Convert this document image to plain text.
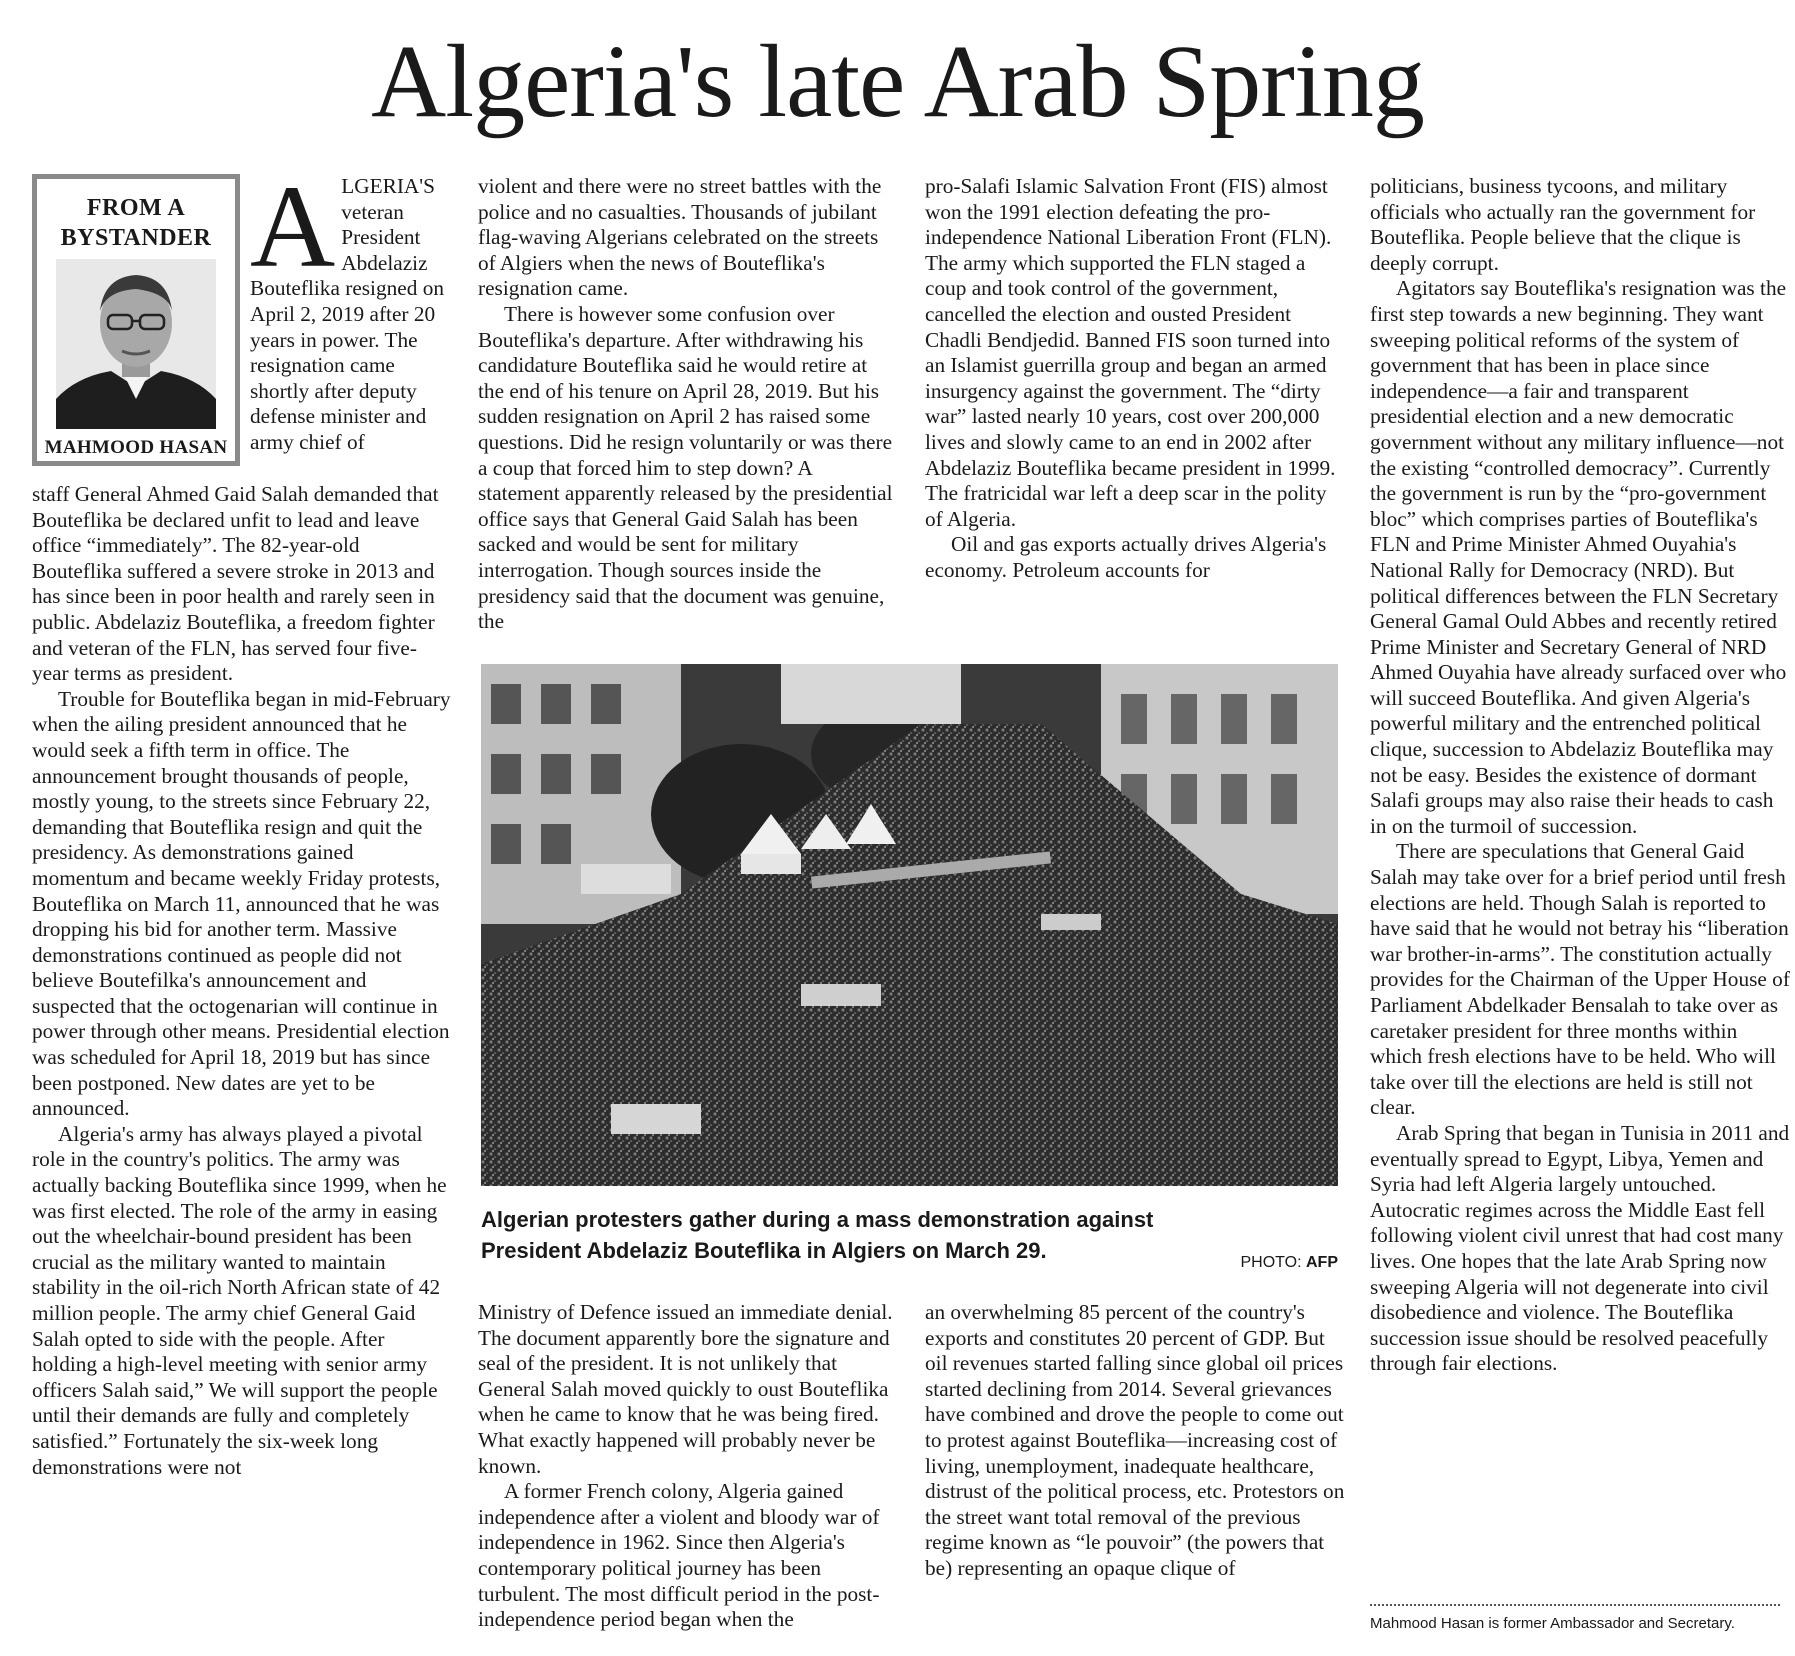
Algeria's late Arab Spring
FROM A
BYSTANDER
MAHMOOD HASAN
A LGERIA'S veteran President Abdelaziz Bouteflika resigned on April 2, 2019 after 20 years in power. The resignation came shortly after deputy defense minister and army chief of

staff General Ahmed Gaid Salah demanded that Bouteflika be declared unfit to lead and leave office “immediately”. The 82-year-old Bouteflika suffered a severe stroke in 2013 and has since been in poor health and rarely seen in public. Abdelaziz Bouteflika, a freedom fighter and veteran of the FLN, has served four five-year terms as president.

Trouble for Bouteflika began in mid-February when the ailing president announced that he would seek a fifth term in office. The announcement brought thousands of people, mostly young, to the streets since February 22, demanding that Bouteflika resign and quit the presidency. As demonstrations gained momentum and became weekly Friday protests, Bouteflika on March 11, announced that he was dropping his bid for another term. Massive demonstrations continued as people did not believe Boutefilka's announcement and suspected that the octogenarian will continue in power through other means. Presidential election was scheduled for April 18, 2019 but has since been postponed. New dates are yet to be announced.

Algeria's army has always played a pivotal role in the country's politics. The army was actually backing Bouteflika since 1999, when he was first elected. The role of the army in easing out the wheelchair-bound president has been crucial as the military wanted to maintain stability in the oil-rich North African state of 42 million people. The army chief General Gaid Salah opted to side with the people. After holding a high-level meeting with senior army officers Salah said,” We will support the people until their demands are fully and completely satisfied.” Fortunately the six-week long demonstrations were not

violent and there were no street battles with the police and no casualties. Thousands of jubilant flag-waving Algerians celebrated on the streets of Algiers when the news of Bouteflika's resignation came.

There is however some confusion over Bouteflika's departure. After withdrawing his candidature Bouteflika said he would retire at the end of his tenure on April 28, 2019. But his sudden resignation on April 2 has raised some questions. Did he resign voluntarily or was there a coup that forced him to step down? A statement apparently released by the presidential office says that General Gaid Salah has been sacked and would be sent for military interrogation. Though sources inside the presidency said that the document was genuine, the

Ministry of Defence issued an immediate denial. The document apparently bore the signature and seal of the president. It is not unlikely that General Salah moved quickly to oust Bouteflika when he came to know that he was being fired. What exactly happened will probably never be known.

A former French colony, Algeria gained independence after a violent and bloody war of independence in 1962. Since then Algeria's contemporary political journey has been turbulent. The most difficult period in the post-independence period began when the

pro-Salafi Islamic Salvation Front (FIS) almost won the 1991 election defeating the pro-independence National Liberation Front (FLN). The army which supported the FLN staged a coup and took control of the government, cancelled the election and ousted President Chadli Bendjedid. Banned FIS soon turned into an Islamist guerrilla group and began an armed insurgency against the government. The “dirty war” lasted nearly 10 years, cost over 200,000 lives and slowly came to an end in 2002 after Abdelaziz Bouteflika became president in 1999. The fratricidal war left a deep scar in the polity of Algeria.

Oil and gas exports actually drives Algeria's economy. Petroleum accounts for

an overwhelming 85 percent of the country's exports and constitutes 20 percent of GDP. But oil revenues started falling since global oil prices started declining from 2014. Several grievances have combined and drove the people to come out to protest against Bouteflika—increasing cost of living, unemployment, inadequate healthcare, distrust of the political process, etc. Protestors on the street want total removal of the previous regime known as “le pouvoir” (the powers that be) representing an opaque clique of

politicians, business tycoons, and military officials who actually ran the government for Bouteflika. People believe that the clique is deeply corrupt.

Agitators say Bouteflika's resignation was the first step towards a new beginning. They want sweeping political reforms of the system of government that has been in place since independence—a fair and transparent presidential election and a new democratic government without any military influence—not the existing “controlled democracy”. Currently the government is run by the “pro-government bloc” which comprises parties of Bouteflika's FLN and Prime Minister Ahmed Ouyahia's National Rally for Democracy (NRD). But political differences between the FLN Secretary General Gamal Ould Abbes and recently retired Prime Minister and Secretary General of NRD Ahmed Ouyahia have already surfaced over who will succeed Bouteflika. And given Algeria's powerful military and the entrenched political clique, succession to Abdelaziz Bouteflika may not be easy. Besides the existence of dormant Salafi groups may also raise their heads to cash in on the turmoil of succession.

There are speculations that General Gaid Salah may take over for a brief period until fresh elections are held. Though Salah is reported to have said that he would not betray his “liberation war brother-in-arms”. The constitution actually provides for the Chairman of the Upper House of Parliament Abdelkader Bensalah to take over as caretaker president for three months within which fresh elections have to be held. Who will take over till the elections are held is still not clear.

Arab Spring that began in Tunisia in 2011 and eventually spread to Egypt, Libya, Yemen and Syria had left Algeria largely untouched. Autocratic regimes across the Middle East fell following violent civil unrest that had cost many lives. One hopes that the late Arab Spring now sweeping Algeria will not degenerate into civil disobedience and violence. The Bouteflika succession issue should be resolved peacefully through fair elections.

Algerian protesters gather during a mass demonstration against President Abdelaziz Bouteflika in Algiers on March 29.	PHOTO: AFP
Mahmood Hasan is former Ambassador and Secretary.
